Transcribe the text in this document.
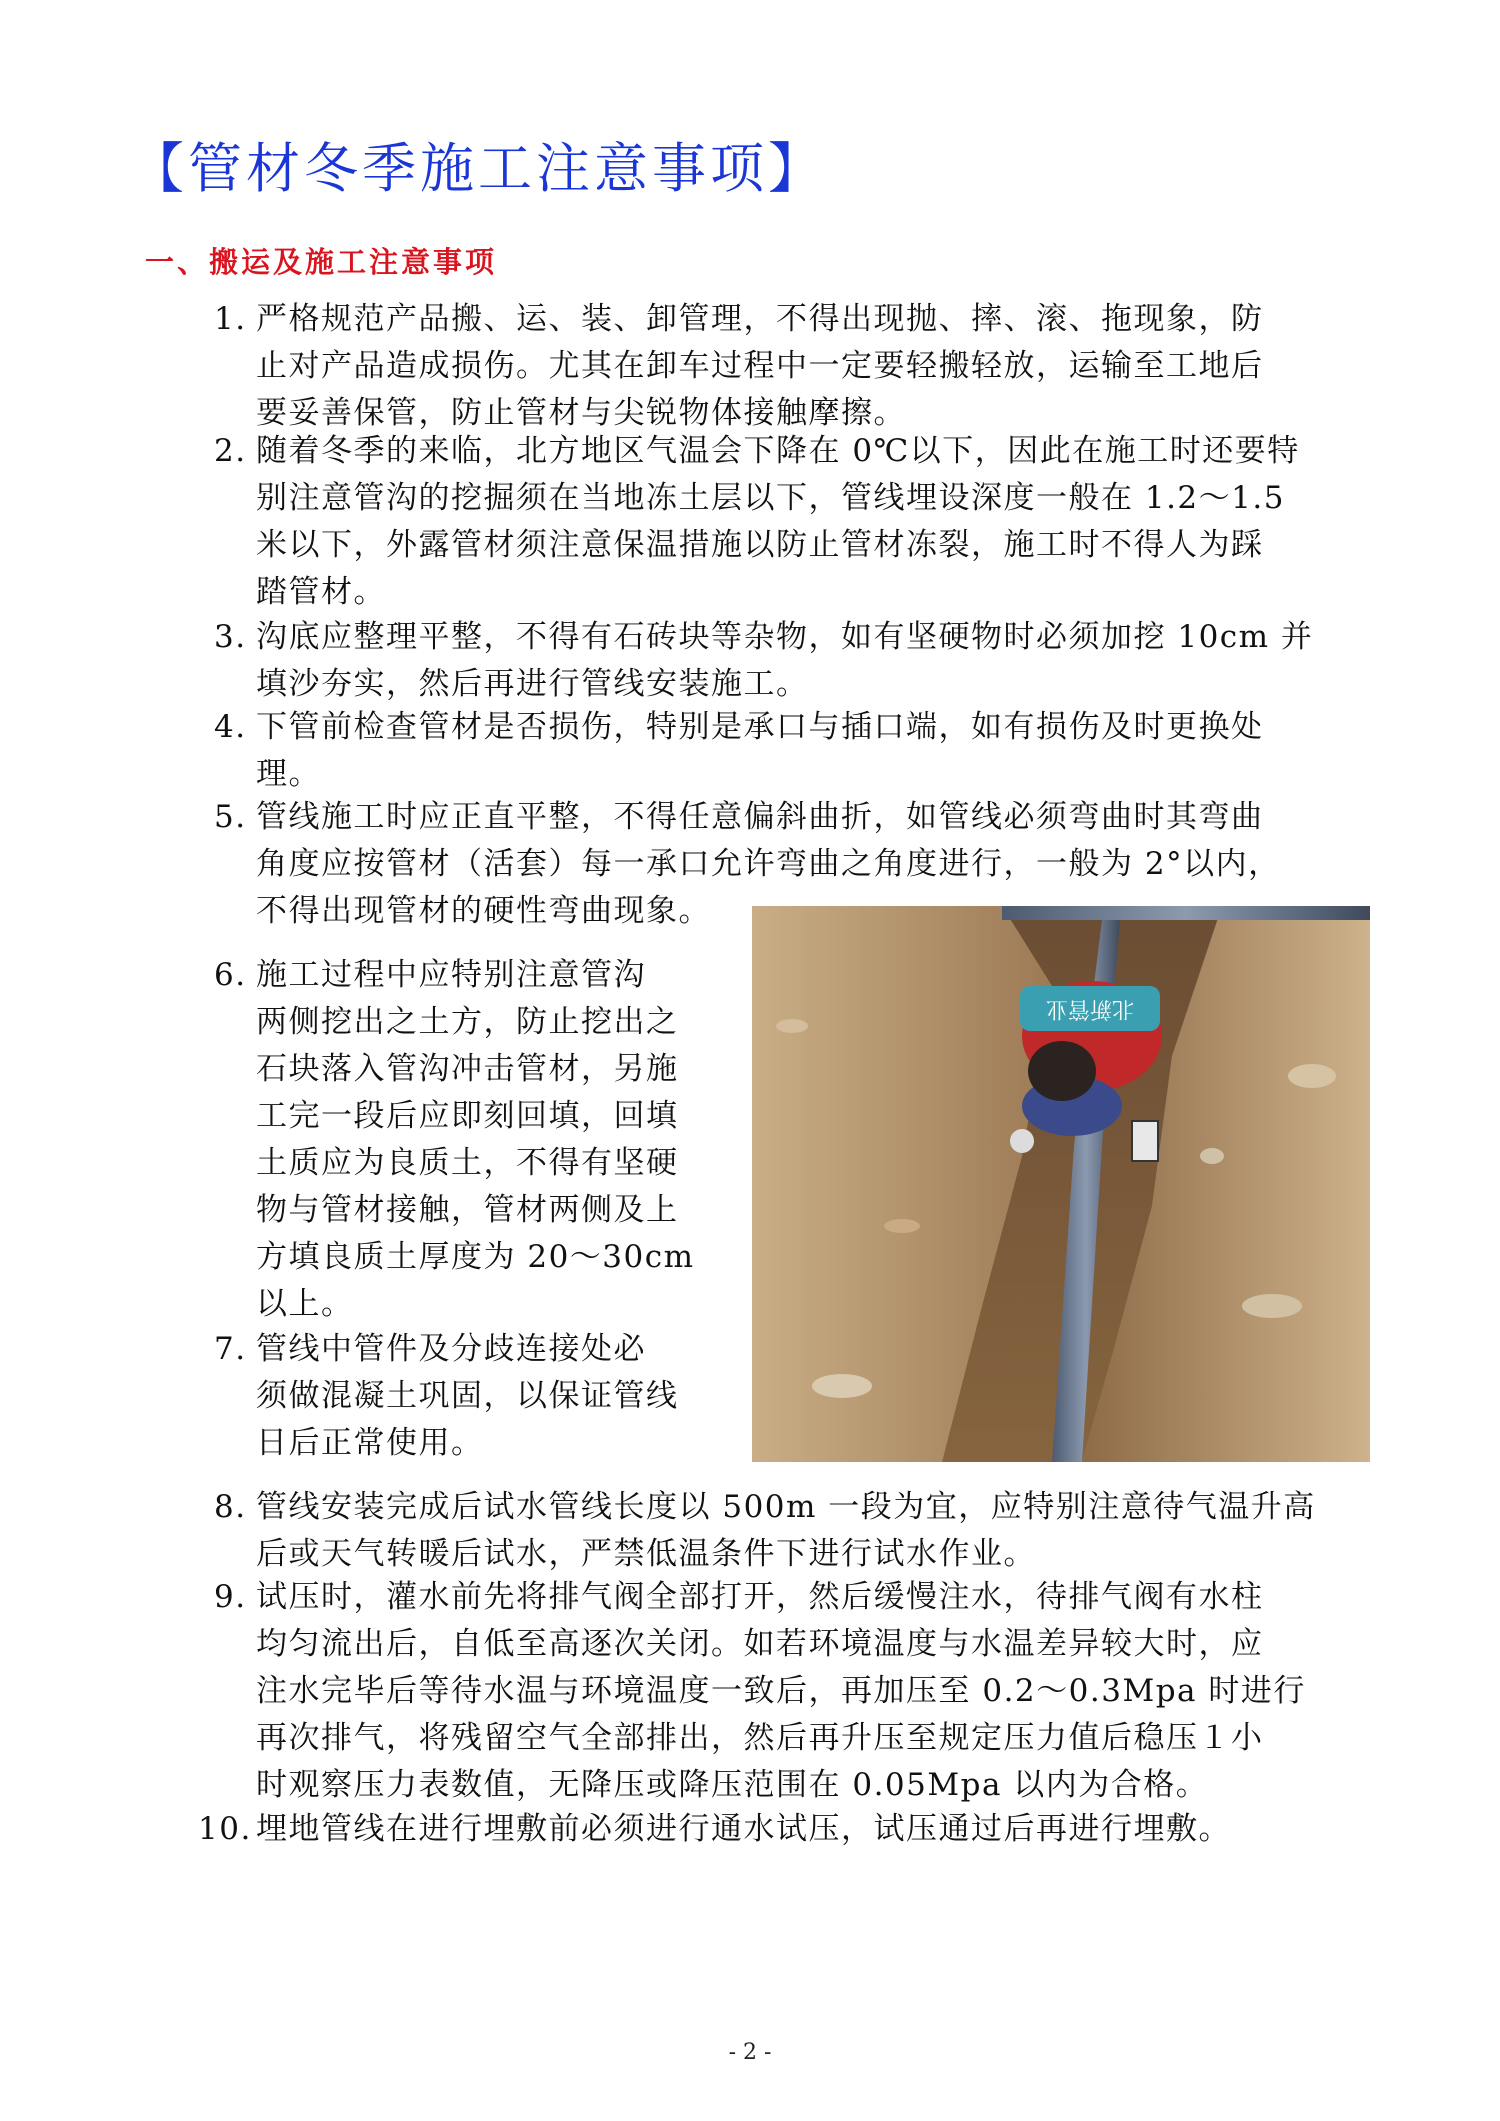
【管材冬季施工注意事项】
一、搬运及施工注意事项
1. 严格规范产品搬、运、装、卸管理，不得出现抛、摔、滚、拖现象，防
止对产品造成损伤。尤其在卸车过程中一定要轻搬轻放，运输至工地后
要妥善保管，防止管材与尖锐物体接触摩擦。
2. 随着冬季的来临，北方地区气温会下降在 0℃以下，因此在施工时还要特
别注意管沟的挖掘须在当地冻土层以下，管线埋设深度一般在 1.2～1.5
米以下，外露管材须注意保温措施以防止管材冻裂，施工时不得人为踩
踏管材。
3. 沟底应整理平整，不得有石砖块等杂物，如有坚硬物时必须加挖 10cm 并
填沙夯实，然后再进行管线安装施工。
4. 下管前检查管材是否损伤，特别是承口与插口端，如有损伤及时更换处
理。
5. 管线施工时应正直平整，不得任意偏斜曲折，如管线必须弯曲时其弯曲
角度应按管材（活套）每一承口允许弯曲之角度进行，一般为 2°以内，
不得出现管材的硬性弯曲现象。
6. 施工过程中应特别注意管沟
两侧挖出之土方，防止挖出之
石块落入管沟冲击管材，另施
工完一段后应即刻回填，回填
土质应为良质土，不得有坚硬
物与管材接触，管材两侧及上
方填良质土厚度为 20～30cm
以上。
7. 管线中管件及分歧连接处必
须做混凝土巩固，以保证管线
日后正常使用。
8. 管线安装完成后试水管线长度以 500m 一段为宜，应特别注意待气温升高
后或天气转暖后试水，严禁低温条件下进行试水作业。
9. 试压时，灌水前先将排气阀全部打开，然后缓慢注水，待排气阀有水柱
均匀流出后，自低至高逐次关闭。如若环境温度与水温差异较大时，应
注水完毕后等待水温与环境温度一致后，再加压至 0.2～0.3Mpa 时进行
再次排气，将残留空气全部排出，然后再升压至规定压力值后稳压１小
时观察压力表数值，无降压或降压范围在 0.05Mpa 以内为合格。
10. 埋地管线在进行埋敷前必须进行通水试压，试压通过后再进行埋敷。
北新管业
- 2 -
